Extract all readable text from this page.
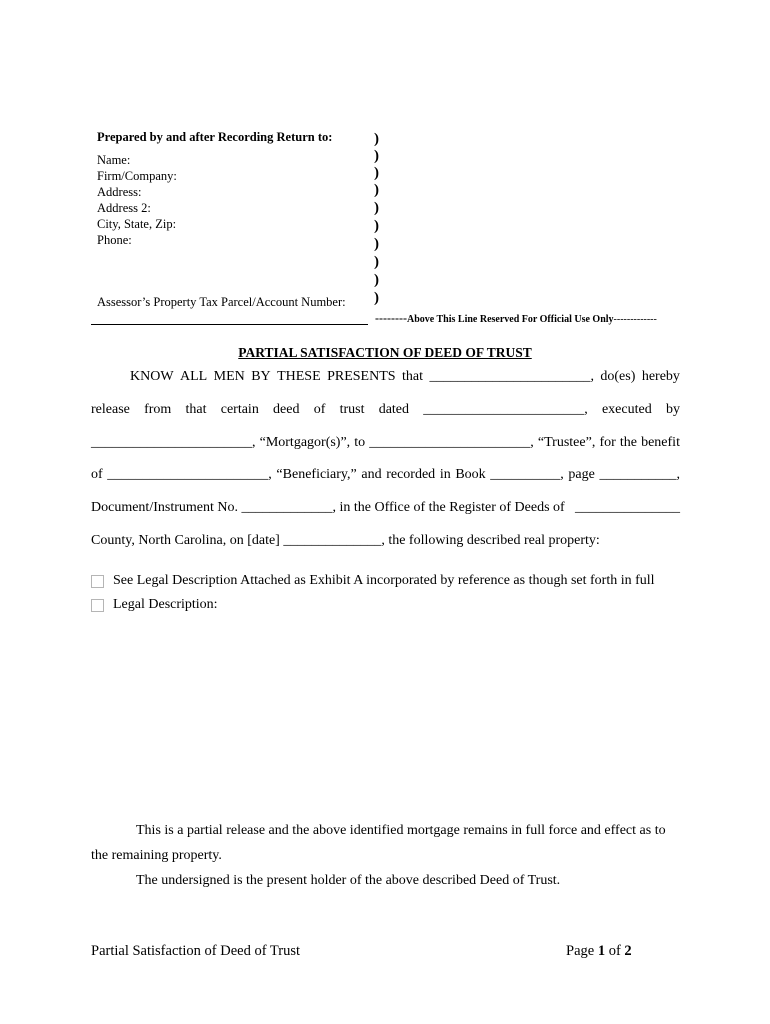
Prepared by and after Recording Return to:
Name:
Firm/Company:
Address:
Address 2:
City, State, Zip:
Phone:
)
)
)
)
)
)
)
)
)
)
Assessor’s Property Tax Parcel/Account Number:
--------Above This Line Reserved For Official Use Only-------------
PARTIAL SATISFACTION OF DEED OF TRUST
KNOW ALL MEN BY THESE PRESENTS that _______________________, do(es) hereby
release from that certain deed of trust dated _______________________, executed by
_______________________, “Mortgagor(s)”, to _______________________, “Trustee”, for the benefit
of _______________________, “Beneficiary,” and recorded in Book __________, page ___________,
Document/Instrument No. _____________, in the Office of the Register of Deeds of _______________
County, North Carolina, on [date] ______________, the following described real property:
See Legal Description Attached as Exhibit A incorporated by reference as though set forth in full
Legal Description:
This is a partial release and the above identified mortgage remains in full force and effect as to
the remaining property.
The undersigned is the present holder of the above described Deed of Trust.
Partial Satisfaction of Deed of Trust	Page 1 of 2
